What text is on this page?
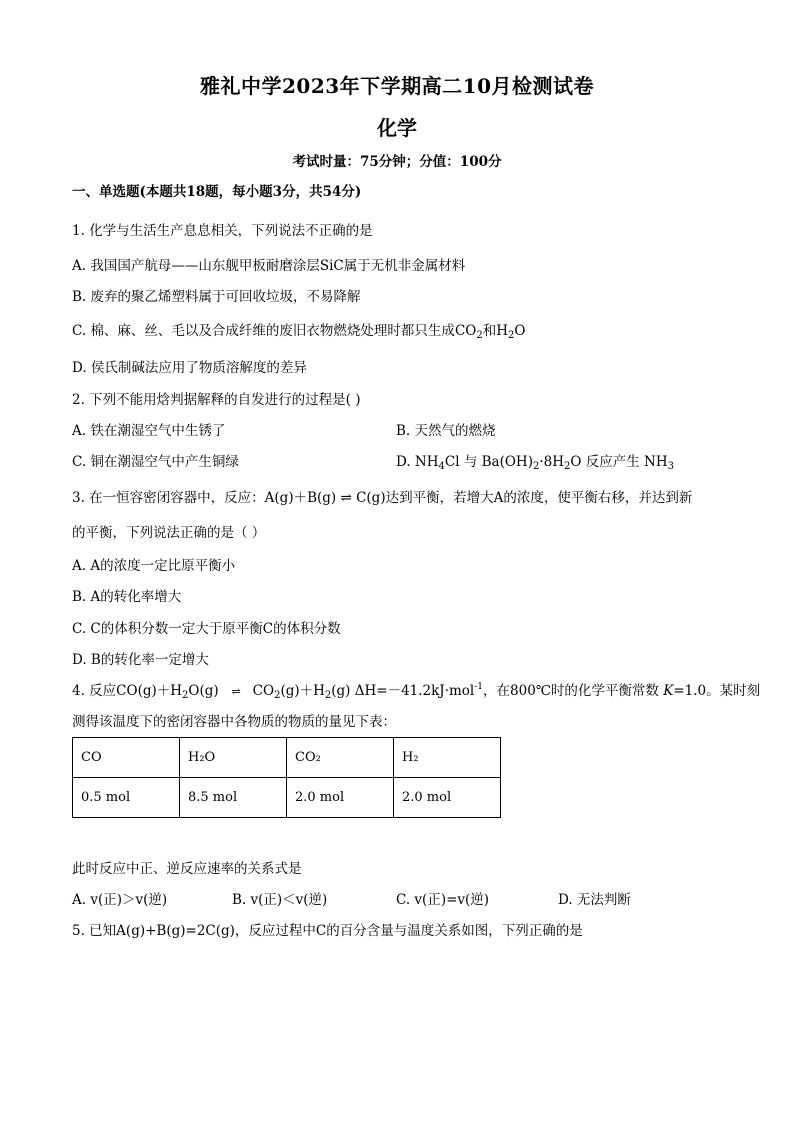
雅礼中学2023年下学期高二10月检测试卷
化学
考试时量：75分钟；分值：100分
一、单选题(本题共18题，每小题3分，共54分)
1. 化学与生活生产息息相关，下列说法不正确的是
A. 我国国产航母——山东舰甲板耐磨涂层SiC属于无机非金属材料
B. 废弃的聚乙烯塑料属于可回收垃圾，不易降解
C. 棉、麻、丝、毛以及合成纤维的废旧衣物燃烧处理时都只生成$CO_2$和$H_2O$
D. 侯氏制碱法应用了物质溶解度的差异
2. 下列不能用焓判据解释的自发进行的过程是( )
A. 铁在潮湿空气中生锈了	B. 天然气的燃烧
C. 铜在潮湿空气中产生铜绿	D. $NH_4Cl$ 与 $Ba(OH)_2\cdot 8H_2O$ 反应产生 $NH_3$
3. 在一恒容密闭容器中，反应：A(g)＋B(g) ⇌ C(g)达到平衡，若增大A的浓度，使平衡右移，并达到新
的平衡，下列说法正确的是（ ）
A. A的浓度一定比原平衡小
B. A的转化率增大
C. C的体积分数一定大于原平衡C的体积分数
D. B的转化率一定增大
4. 反应$CO(g)+H_2O(g)$ ⇌ $CO_2(g)+H_2(g)$ ΔH=－41.2kJ·mol$^{-1}$，在800℃时的化学平衡常数 K=1.0。某时刻
测得该温度下的密闭容器中各物质的物质的量见下表：
CO	H₂O	CO₂	H₂
0.5 mol	8.5 mol	2.0 mol	2.0 mol
此时反应中正、逆反应速率的关系式是
A. v(正)＞v(逆)	B. v(正)＜v(逆)	C. v(正)=v(逆)	D. 无法判断
5. 已知A(g)+B(g)=2C(g)，反应过程中C的百分含量与温度关系如图，下列正确的是
